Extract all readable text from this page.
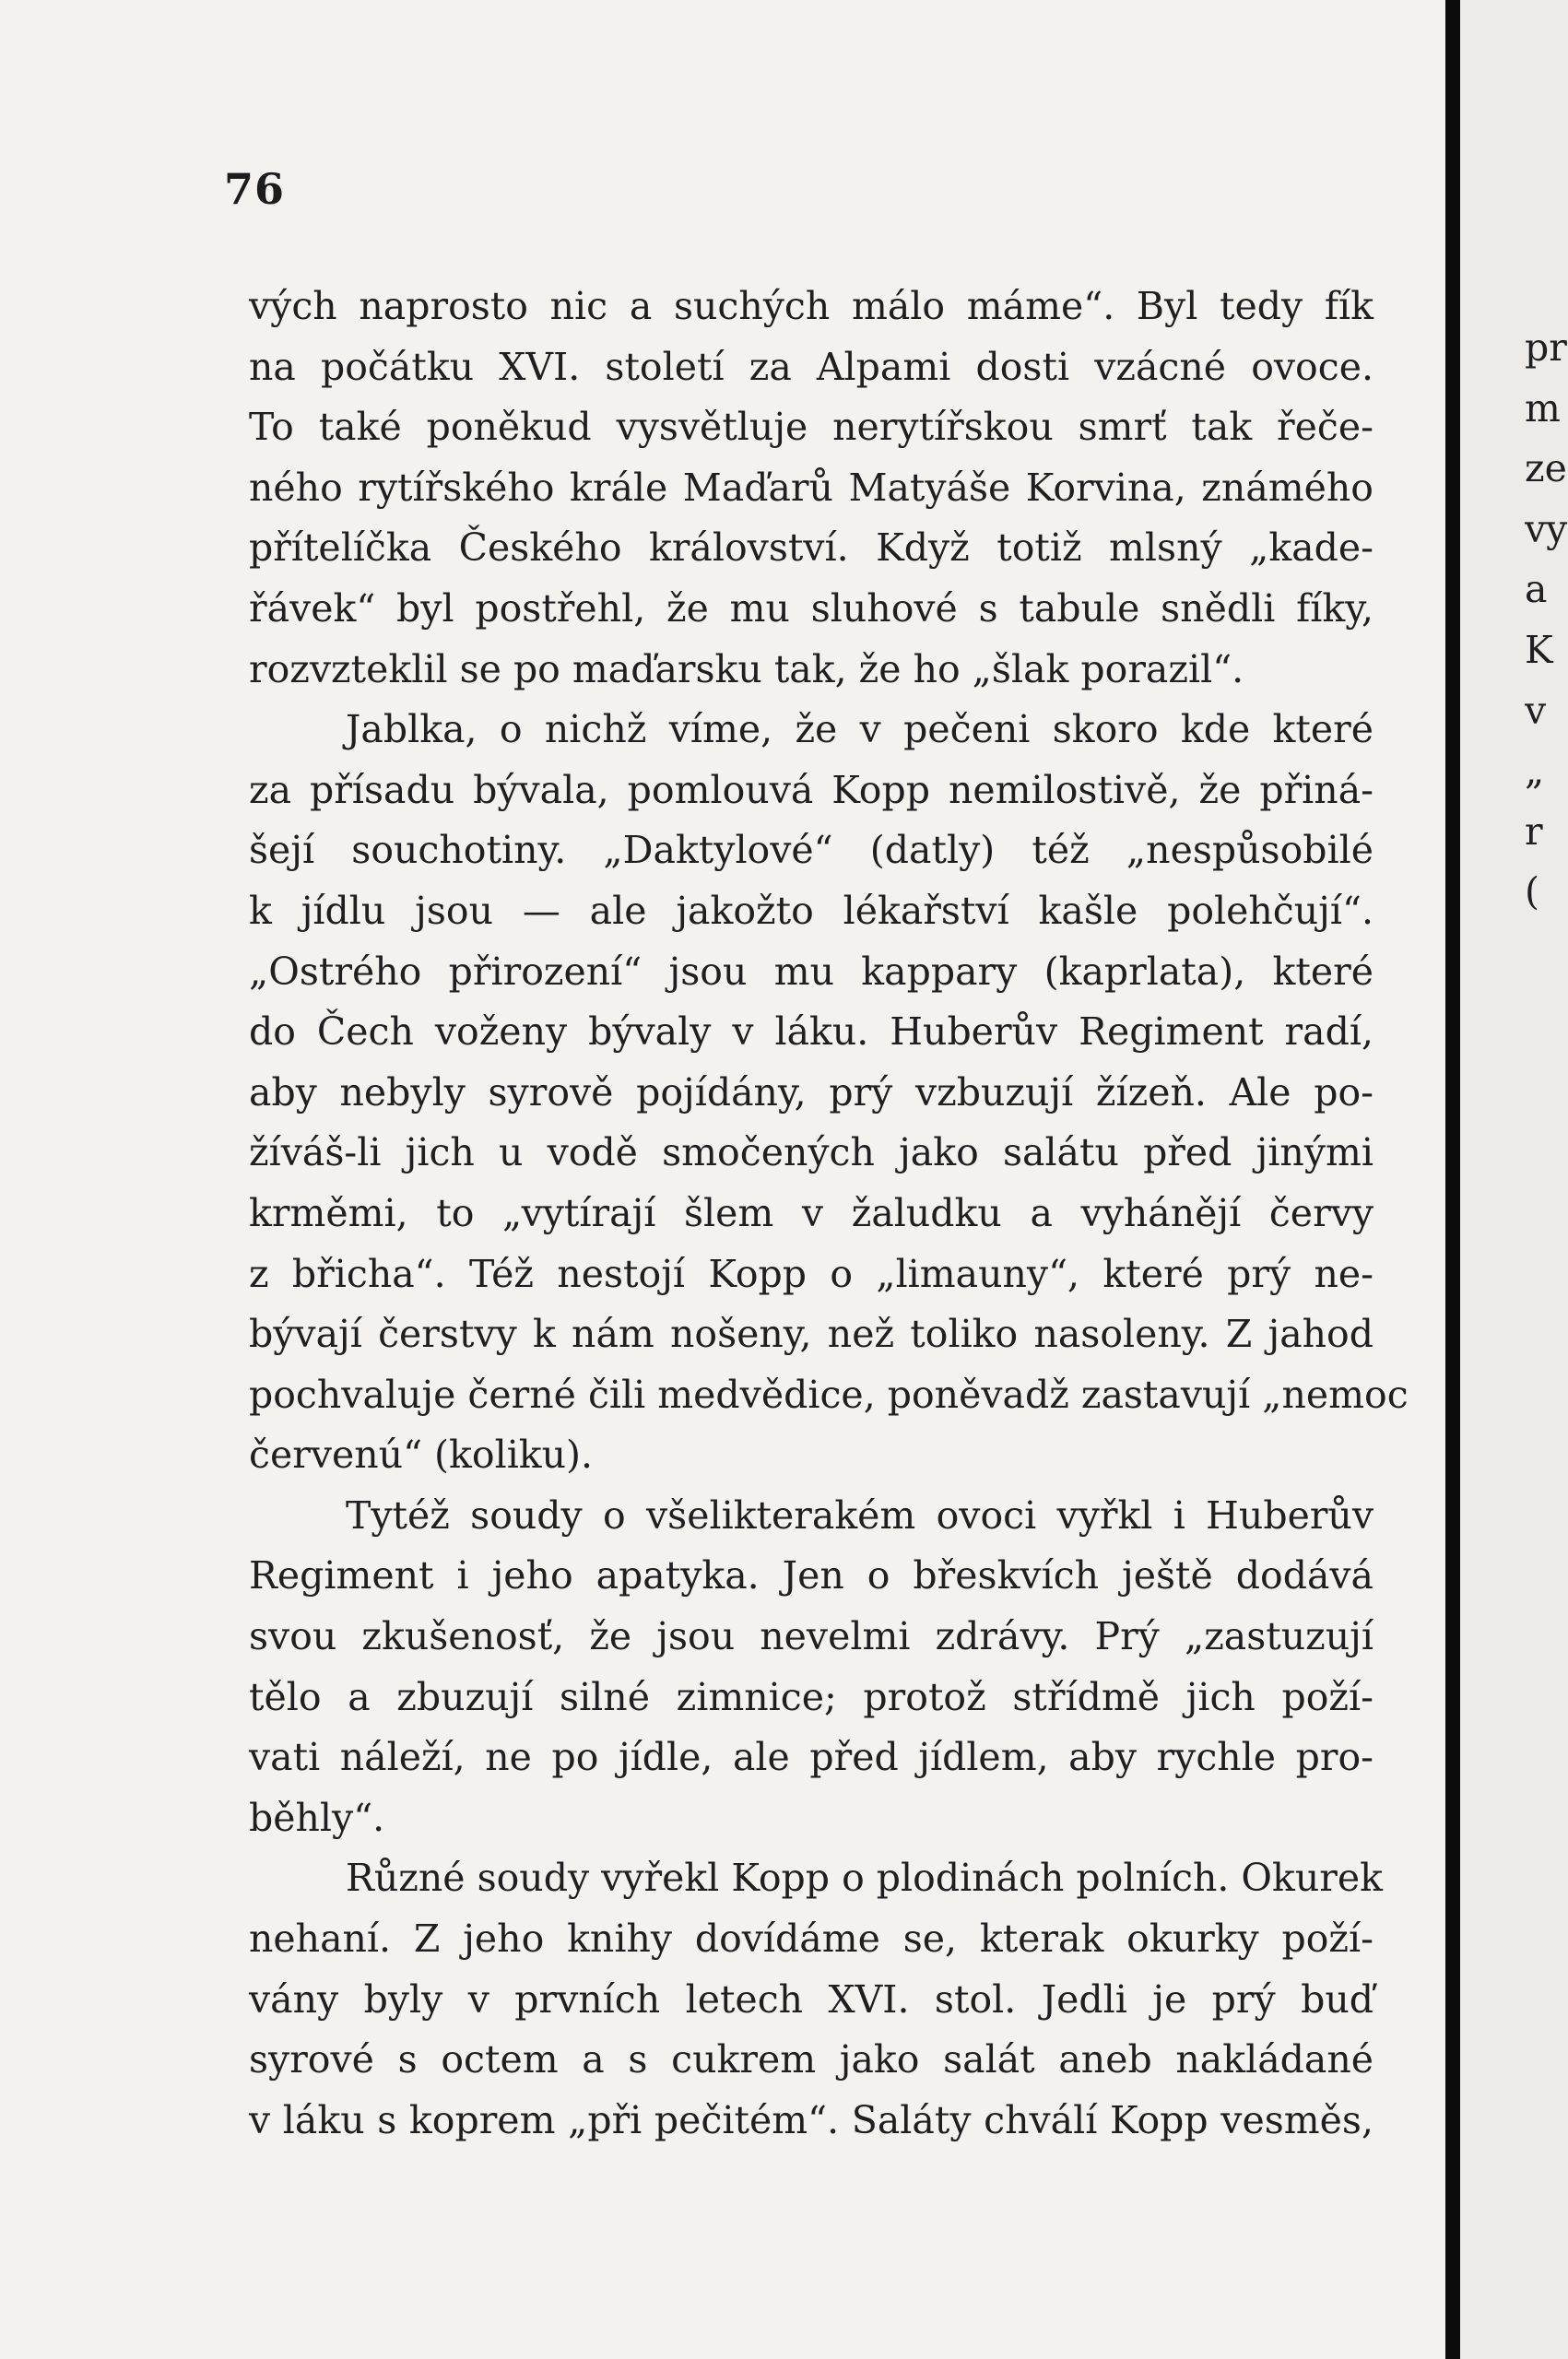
76
vých naprosto nic a suchých málo máme“. Byl tedy fík
na počátku XVI. století za Alpami dosti vzácné ovoce.
To také poněkud vysvětluje nerytířskou smrť tak řeče-
ného rytířského krále Maďarů Matyáše Korvina, známého
přítelíčka Českého království. Když totiž mlsný „kade-
řávek“ byl postřehl, že mu sluhové s tabule snědli fíky,
rozvzteklil se po maďarsku tak, že ho „šlak porazil“.
Jablka, o nichž víme, že v pečeni skoro kde které
za přísadu bývala, pomlouvá Kopp nemilostivě, že přiná-
šejí souchotiny. „Daktylové“ (datly) též „nespůsobilé
k jídlu jsou — ale jakožto lékařství kašle polehčují“.
„Ostrého přirození“ jsou mu kappary (kaprlata), které
do Čech voženy bývaly v láku. Huberův Regiment radí,
aby nebyly syrově pojídány, prý vzbuzují žízeň. Ale po-
žíváš-li jich u vodě smočených jako salátu před jinými
krměmi, to „vytírají šlem v žaludku a vyhánějí červy
z břicha“. Též nestojí Kopp o „limauny“, které prý ne-
bývají čerstvy k nám nošeny, než toliko nasoleny. Z jahod
pochvaluje černé čili medvědice, poněvadž zastavují „nemoc
červenú“ (koliku).
Tytéž soudy o všelikterakém ovoci vyřkl i Huberův
Regiment i jeho apatyka. Jen o břeskvích ještě dodává
svou zkušenosť, že jsou nevelmi zdrávy. Prý „zastuzují
tělo a zbuzují silné zimnice; protož střídmě jich poží-
vati náleží, ne po jídle, ale před jídlem, aby rychle pro-
běhly“.
Různé soudy vyřekl Kopp o plodinách polních. Okurek
nehaní. Z jeho knihy dovídáme se, kterak okurky poží-
vány byly v prvních letech XVI. stol. Jedli je prý buď
syrové s octem a s cukrem jako salát aneb nakládané
v láku s koprem „při pečitém“. Saláty chválí Kopp vesměs,
pr
m
ze
vy
a
K
v
„
r
(
